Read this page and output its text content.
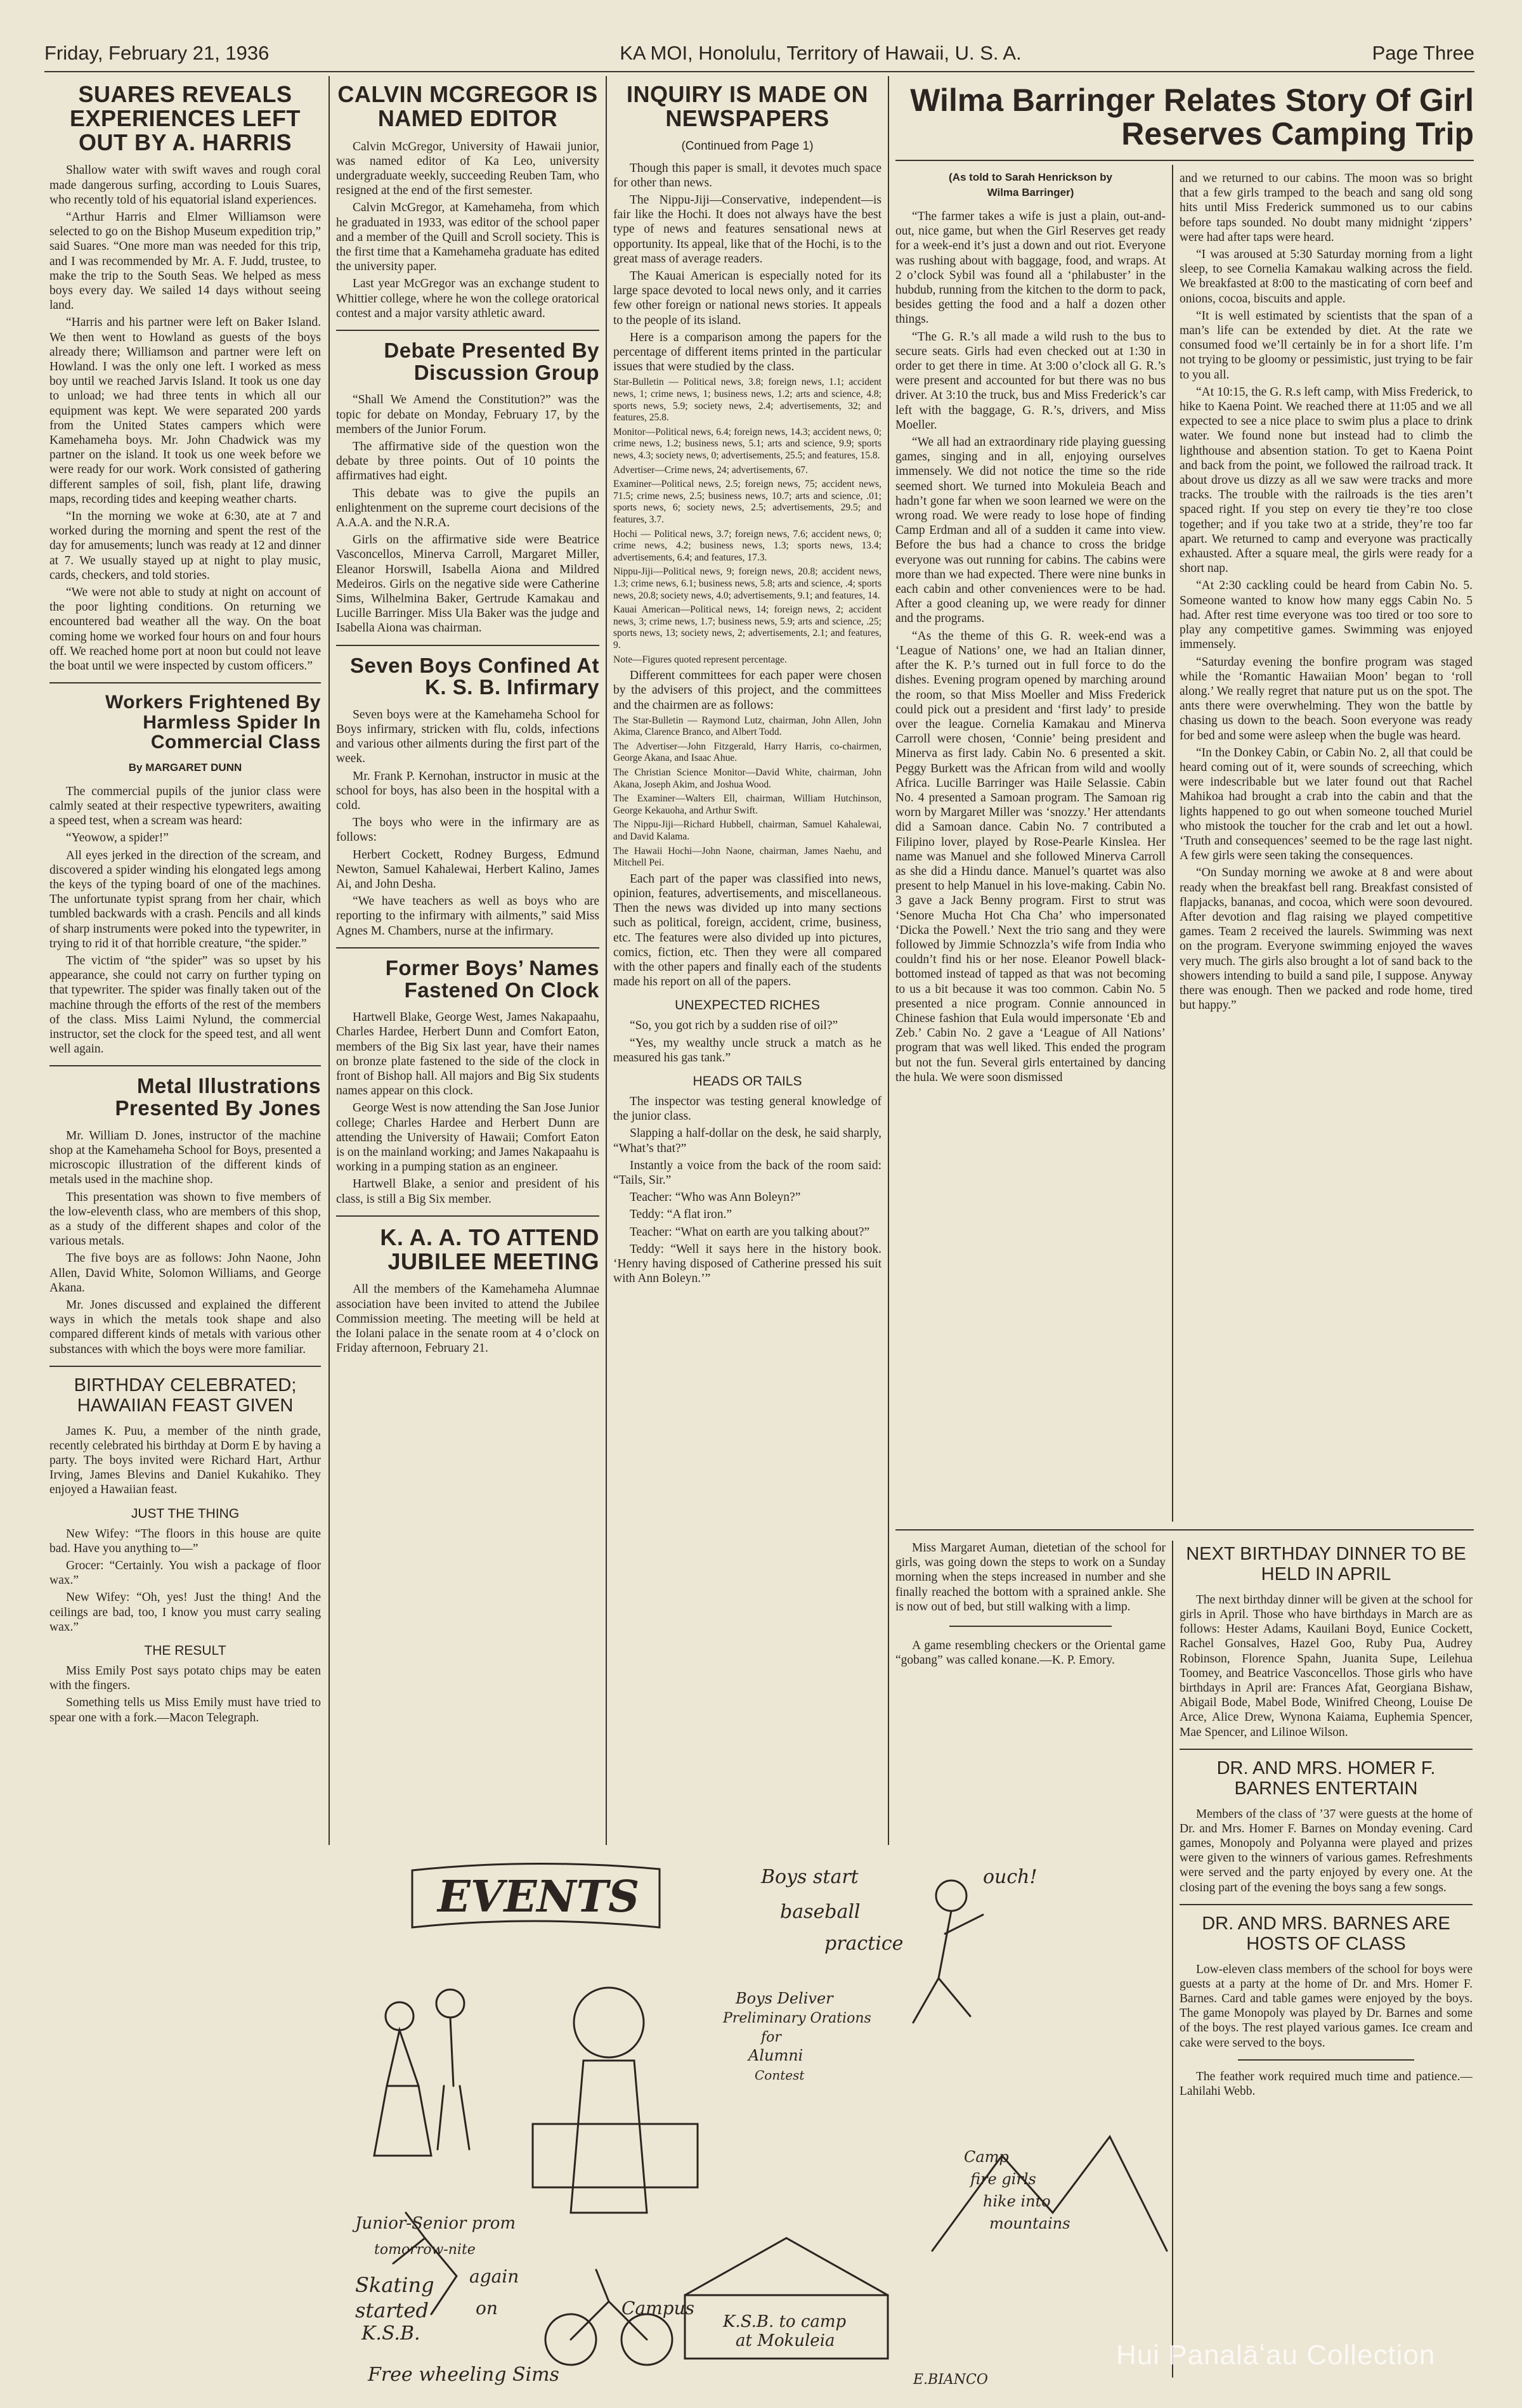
Friday, February 21, 1936	KA MOI, Honolulu, Territory of Hawaii, U. S. A.	Page Three
SUARES REVEALS EXPERIENCES LEFT OUT BY A. HARRIS

Shallow water with swift waves and rough coral made dangerous surfing, according to Louis Suares, who recently told of his equatorial island experiences.

“Arthur Harris and Elmer Williamson were selected to go on the Bishop Museum expedition trip,” said Suares. “One more man was needed for this trip, and I was recommended by Mr. A. F. Judd, trustee, to make the trip to the South Seas. We helped as mess boys every day. We sailed 14 days without seeing land.

“Harris and his partner were left on Baker Island. We then went to Howland as guests of the boys already there; Williamson and partner were left on Howland. I was the only one left. I worked as mess boy until we reached Jarvis Island. It took us one day to unload; we had three tents in which all our equipment was kept. We were separated 200 yards from the United States campers which were Kamehameha boys. Mr. John Chadwick was my partner on the island. It took us one week before we were ready for our work. Work consisted of gathering different samples of soil, fish, plant life, drawing maps, recording tides and keeping weather charts.

“In the morning we woke at 6:30, ate at 7 and worked during the morning and spent the rest of the day for amusements; lunch was ready at 12 and dinner at 7. We usually stayed up at night to play music, cards, checkers, and told stories.

“We were not able to study at night on account of the poor lighting conditions. On returning we encountered bad weather all the way. On the boat coming home we worked four hours on and four hours off. We reached home port at noon but could not leave the boat until we were inspected by custom officers.”

Workers Frightened By Harmless Spider In Commercial Class
By MARGARET DUNN

The commercial pupils of the junior class were calmly seated at their respective typewriters, awaiting a speed test, when a scream was heard:

“Yeowow, a spider!”

All eyes jerked in the direction of the scream, and discovered a spider winding his elongated legs among the keys of the typing board of one of the machines. The unfortunate typist sprang from her chair, which tumbled backwards with a crash. Pencils and all kinds of sharp instruments were poked into the typewriter, in trying to rid it of that horrible creature, “the spider.”

The victim of “the spider” was so upset by his appearance, she could not carry on further typing on that typewriter. The spider was finally taken out of the machine through the efforts of the rest of the members of the class. Miss Laimi Nylund, the commercial instructor, set the clock for the speed test, and all went well again.

Metal Illustrations Presented By Jones

Mr. William D. Jones, instructor of the machine shop at the Kamehameha School for Boys, presented a microscopic illustration of the different kinds of metals used in the machine shop.

This presentation was shown to five members of the low-eleventh class, who are members of this shop, as a study of the different shapes and color of the various metals.

The five boys are as follows: John Naone, John Allen, David White, Solomon Williams, and George Akana.

Mr. Jones discussed and explained the different ways in which the metals took shape and also compared different kinds of metals with various other substances with which the boys were more familiar.

BIRTHDAY CELEBRATED; HAWAIIAN FEAST GIVEN

James K. Puu, a member of the ninth grade, recently celebrated his birthday at Dorm E by having a party. The boys invited were Richard Hart, Arthur Irving, James Blevins and Daniel Kukahiko. They enjoyed a Hawaiian feast.

JUST THE THING

New Wifey: “The floors in this house are quite bad. Have you anything to—”

Grocer: “Certainly. You wish a package of floor wax.”

New Wifey: “Oh, yes! Just the thing! And the ceilings are bad, too, I know you must carry sealing wax.”

THE RESULT

Miss Emily Post says potato chips may be eaten with the fingers.

Something tells us Miss Emily must have tried to spear one with a fork.—Macon Telegraph.

CALVIN MCGREGOR IS NAMED EDITOR

Calvin McGregor, University of Hawaii junior, was named editor of Ka Leo, university undergraduate weekly, succeeding Reuben Tam, who resigned at the end of the first semester.

Calvin McGregor, at Kamehameha, from which he graduated in 1933, was editor of the school paper and a member of the Quill and Scroll society. This is the first time that a Kamehameha graduate has edited the university paper.

Last year McGregor was an exchange student to Whittier college, where he won the college oratorical contest and a major varsity athletic award.

Debate Presented By Discussion Group

“Shall We Amend the Constitution?” was the topic for debate on Monday, February 17, by the members of the Junior Forum.

The affirmative side of the question won the debate by three points. Out of 10 points the affirmatives had eight.

This debate was to give the pupils an enlightenment on the supreme court decisions of the A.A.A. and the N.R.A.

Girls on the affirmative side were Beatrice Vasconcellos, Minerva Carroll, Margaret Miller, Eleanor Horswill, Isabella Aiona and Mildred Medeiros. Girls on the negative side were Catherine Sims, Wilhelmina Baker, Gertrude Kamakau and Lucille Barringer. Miss Ula Baker was the judge and Isabella Aiona was chairman.

Seven Boys Confined At K. S. B. Infirmary

Seven boys were at the Kamehameha School for Boys infirmary, stricken with flu, colds, infections and various other ailments during the first part of the week.

Mr. Frank P. Kernohan, instructor in music at the school for boys, has also been in the hospital with a cold.

The boys who were in the infirmary are as follows:

Herbert Cockett, Rodney Burgess, Edmund Newton, Samuel Kahalewai, Herbert Kalino, James Ai, and John Desha.

“We have teachers as well as boys who are reporting to the infirmary with ailments,” said Miss Agnes M. Chambers, nurse at the infirmary.

Former Boys’ Names Fastened On Clock

Hartwell Blake, George West, James Nakapaahu, Charles Hardee, Herbert Dunn and Comfort Eaton, members of the Big Six last year, have their names on bronze plate fastened to the side of the clock in front of Bishop hall. All majors and Big Six students names appear on this clock.

George West is now attending the San Jose Junior college; Charles Hardee and Herbert Dunn are attending the University of Hawaii; Comfort Eaton is on the mainland working; and James Nakapaahu is working in a pumping station as an engineer.

Hartwell Blake, a senior and president of his class, is still a Big Six member.

K. A. A. TO ATTEND JUBILEE MEETING

All the members of the Kamehameha Alumnae association have been invited to attend the Jubilee Commission meeting. The meeting will be held at the Iolani palace in the senate room at 4 o’clock on Friday afternoon, February 21.

INQUIRY IS MADE ON NEWSPAPERS
(Continued from Page 1)

Though this paper is small, it devotes much space for other than news.

The Nippu-Jiji—Conservative, independent—is fair like the Hochi. It does not always have the best type of news and features sensational news at opportunity. Its appeal, like that of the Hochi, is to the great mass of average readers.

The Kauai American is especially noted for its large space devoted to local news only, and it carries few other foreign or national news stories. It appeals to the people of its island.

Here is a comparison among the papers for the percentage of different items printed in the particular issues that were studied by the class.

Star-Bulletin — Political news, 3.8; foreign news, 1.1; accident news, 1; crime news, 1; business news, 1.2; arts and science, 4.8; sports news, 5.9; society news, 2.4; advertisements, 32; and features, 25.8.

Monitor—Political news, 6.4; foreign news, 14.3; accident news, 0; crime news, 1.2; business news, 5.1; arts and science, 9.9; sports news, 4.3; society news, 0; advertisements, 25.5; and features, 15.8.

Advertiser—Crime news, 24; advertisements, 67.

Examiner—Political news, 2.5; foreign news, 75; accident news, 71.5; crime news, 2.5; business news, 10.7; arts and science, .01; sports news, 6; society news, 2.5; advertisements, 29.5; and features, 3.7.

Hochi — Political news, 3.7; foreign news, 7.6; accident news, 0; crime news, 4.2; business news, 1.3; sports news, 13.4; advertisements, 6.4; and features, 17.3.

Nippu-Jiji—Political news, 9; foreign news, 20.8; accident news, 1.3; crime news, 6.1; business news, 5.8; arts and science, .4; sports news, 20.8; society news, 4.0; advertisements, 9.1; and features, 14.

Kauai American—Political news, 14; foreign news, 2; accident news, 3; crime news, 1.7; business news, 5.9; arts and science, .25; sports news, 13; society news, 2; advertisements, 2.1; and features, 9.

Note—Figures quoted represent percentage.

Different committees for each paper were chosen by the advisers of this project, and the committees and the chairmen are as follows:

The Star-Bulletin — Raymond Lutz, chairman, John Allen, John Akima, Clarence Branco, and Albert Todd.

The Advertiser—John Fitzgerald, Harry Harris, co-chairmen, George Akana, and Isaac Ahue.

The Christian Science Monitor—David White, chairman, John Akana, Joseph Akim, and Joshua Wood.

The Examiner—Walters Ell, chairman, William Hutchinson, George Kekauoha, and Arthur Swift.

The Nippu-Jiji—Richard Hubbell, chairman, Samuel Kahalewai, and David Kalama.

The Hawaii Hochi—John Naone, chairman, James Naehu, and Mitchell Pei.

Each part of the paper was classified into news, opinion, features, advertisements, and miscellaneous. Then the news was divided up into many sections such as political, foreign, accident, crime, business, etc. The features were also divided up into pictures, comics, fiction, etc. Then they were all compared with the other papers and finally each of the students made his report on all of the papers.

UNEXPECTED RICHES

“So, you got rich by a sudden rise of oil?”

“Yes, my wealthy uncle struck a match as he measured his gas tank.”

HEADS OR TAILS

The inspector was testing general knowledge of the junior class.

Slapping a half-dollar on the desk, he said sharply, “What’s that?”

Instantly a voice from the back of the room said: “Tails, Sir.”

Teacher: “Who was Ann Boleyn?”

Teddy: “A flat iron.”

Teacher: “What on earth are you talking about?”

Teddy: “Well it says here in the history book. ‘Henry having disposed of Catherine pressed his suit with Ann Boleyn.’”

Wilma Barringer Relates Story Of Girl Reserves Camping Trip
(As told to Sarah Henrickson by
Wilma Barringer)

“The farmer takes a wife is just a plain, out-and-out, nice game, but when the Girl Reserves get ready for a week-end it’s just a down and out riot. Everyone was rushing about with baggage, food, and wraps. At 2 o’clock Sybil was found all a ‘philabuster’ in the hubdub, running from the kitchen to the dorm to pack, besides getting the food and a half a dozen other things.

“The G. R.’s all made a wild rush to the bus to secure seats. Girls had even checked out at 1:30 in order to get there in time. At 3:00 o’clock all G. R.’s were present and accounted for but there was no bus driver. At 3:10 the truck, bus and Miss Frederick’s car left with the baggage, G. R.’s, drivers, and Miss Moeller.

“We all had an extraordinary ride playing guessing games, singing and in all, enjoying ourselves immensely. We did not notice the time so the ride seemed short. We turned into Mokuleia Beach and hadn’t gone far when we soon learned we were on the wrong road. We were ready to lose hope of finding Camp Erdman and all of a sudden it came into view. Before the bus had a chance to cross the bridge everyone was out running for cabins. The cabins were more than we had expected. There were nine bunks in each cabin and other conveniences were to be had. After a good cleaning up, we were ready for dinner and the programs.

“As the theme of this G. R. week-end was a ‘League of Nations’ one, we had an Italian dinner, after the K. P.’s turned out in full force to do the dishes. Evening program opened by marching around the room, so that Miss Moeller and Miss Frederick could pick out a president and ‘first lady’ to preside over the league. Cornelia Kamakau and Minerva Carroll were chosen, ‘Connie’ being president and Minerva as first lady. Cabin No. 6 presented a skit. Peggy Burkett was the African from wild and woolly Africa. Lucille Barringer was Haile Selassie. Cabin No. 4 presented a Samoan program. The Samoan rig worn by Margaret Miller was ‘snozzy.’ Her attendants did a Samoan dance. Cabin No. 7 contributed a Filipino lover, played by Rose-Pearle Kinslea. Her name was Manuel and she followed Minerva Carroll as she did a Hindu dance. Manuel’s quartet was also present to help Manuel in his love-making. Cabin No. 3 gave a Jack Benny program. First to strut was ‘Senore Mucha Hot Cha Cha’ who impersonated ‘Dicka the Powell.’ Next the trio sang and they were followed by Jimmie Schnozzla’s wife from India who couldn’t find his or her nose. Eleanor Powell black-bottomed instead of tapped as that was not becoming to us a bit because it was too common. Cabin No. 5 presented a nice program. Connie announced in Chinese fashion that Eula would impersonate ‘Eb and Zeb.’ Cabin No. 2 gave a ‘League of All Nations’ program that was well liked. This ended the program but not the fun. Several girls entertained by dancing the hula. We were soon dismissed

and we returned to our cabins. The moon was so bright that a few girls tramped to the beach and sang old song hits until Miss Frederick summoned us to our cabins before taps sounded. No doubt many midnight ‘zippers’ were had after taps were heard.

“I was aroused at 5:30 Saturday morning from a light sleep, to see Cornelia Kamakau walking across the field. We breakfasted at 8:00 to the masticating of corn beef and onions, cocoa, biscuits and apple.

“It is well estimated by scientists that the span of a man’s life can be extended by diet. At the rate we consumed food we’ll certainly be in for a short life. I’m not trying to be gloomy or pessimistic, just trying to be fair to you all.

“At 10:15, the G. R.s left camp, with Miss Frederick, to hike to Kaena Point. We reached there at 11:05 and we all expected to see a nice place to swim plus a place to drink water. We found none but instead had to climb the lighthouse and absention station. To get to Kaena Point and back from the point, we followed the railroad track. It about drove us dizzy as all we saw were tracks and more tracks. The trouble with the railroads is the ties aren’t spaced right. If you step on every tie they’re too close together; and if you take two at a stride, they’re too far apart. We returned to camp and everyone was practically exhausted. After a square meal, the girls were ready for a short nap.

“At 2:30 cackling could be heard from Cabin No. 5. Someone wanted to know how many eggs Cabin No. 5 had. After rest time everyone was too tired or too sore to play any competitive games. Swimming was enjoyed immensely.

“Saturday evening the bonfire program was staged while the ‘Romantic Hawaiian Moon’ began to ‘roll along.’ We really regret that nature put us on the spot. The ants there were overwhelming. They won the battle by chasing us down to the beach. Soon everyone was ready for bed and some were asleep when the bugle was heard.

“In the Donkey Cabin, or Cabin No. 2, all that could be heard coming out of it, were sounds of screeching, which were indescribable but we later found out that Rachel Mahikoa had brought a crab into the cabin and that the lights happened to go out when someone touched Muriel who mistook the toucher for the crab and let out a howl. ‘Truth and consequences’ seemed to be the rage last night. A few girls were seen taking the consequences.

“On Sunday morning we awoke at 8 and were about ready when the breakfast bell rang. Breakfast consisted of flapjacks, bananas, and cocoa, which were soon devoured. After devotion and flag raising we played competitive games. Team 2 received the laurels. Swimming was next on the program. Everyone swimming enjoyed the waves very much. The girls also brought a lot of sand back to the showers intending to build a sand pile, I suppose. Anyway there was enough. Then we packed and rode home, tired but happy.”

Miss Margaret Auman, dietetian of the school for girls, was going down the steps to work on a Sunday morning when the steps increased in number and she finally reached the bottom with a sprained ankle. She is now out of bed, but still walking with a limp.

A game resembling checkers or the Oriental game “gobang” was called konane.—K. P. Emory.

NEXT BIRTHDAY DINNER TO BE HELD IN APRIL

The next birthday dinner will be given at the school for girls in April. Those who have birthdays in March are as follows: Hester Adams, Kauilani Boyd, Eunice Cockett, Rachel Gonsalves, Hazel Goo, Ruby Pua, Audrey Robinson, Florence Spahn, Juanita Supe, Leilehua Toomey, and Beatrice Vasconcellos. Those girls who have birthdays in April are: Frances Afat, Georgiana Bishaw, Abigail Bode, Mabel Bode, Winifred Cheong, Louise De Arce, Alice Drew, Wynona Kaiama, Euphemia Spencer, Mae Spencer, and Lilinoe Wilson.

DR. AND MRS. HOMER F. BARNES ENTERTAIN

Members of the class of ’37 were guests at the home of Dr. and Mrs. Homer F. Barnes on Monday evening. Card games, Monopoly and Polyanna were played and prizes were given to the winners of various games. Refreshments were served and the party enjoyed by every one. At the closing part of the evening the boys sang a few songs.

DR. AND MRS. BARNES ARE HOSTS OF CLASS

Low-eleven class members of the school for boys were guests at a party at the home of Dr. and Mrs. Homer F. Barnes. Card and table games were enjoyed by the boys. The game Monopoly was played by Dr. Barnes and some of the boys. The rest played various games. Ice cream and cake were served to the boys.

The feather work required much time and patience.—Lahilahi Webb.

EVENTS	Boys start
baseball
practice
ouch!
Boys Deliver
Preliminary Orations
for
Alumni
Contest
Junior-Senior prom
tomorrow-nite
Camp
fire girls
hike into
mountains
Skating again
started	on
K.S.B.
Campus
K.S.B. to camp
at Mokuleia
Free wheeling Sims	E.BIANCO
Hui Panalāʻau Collection
